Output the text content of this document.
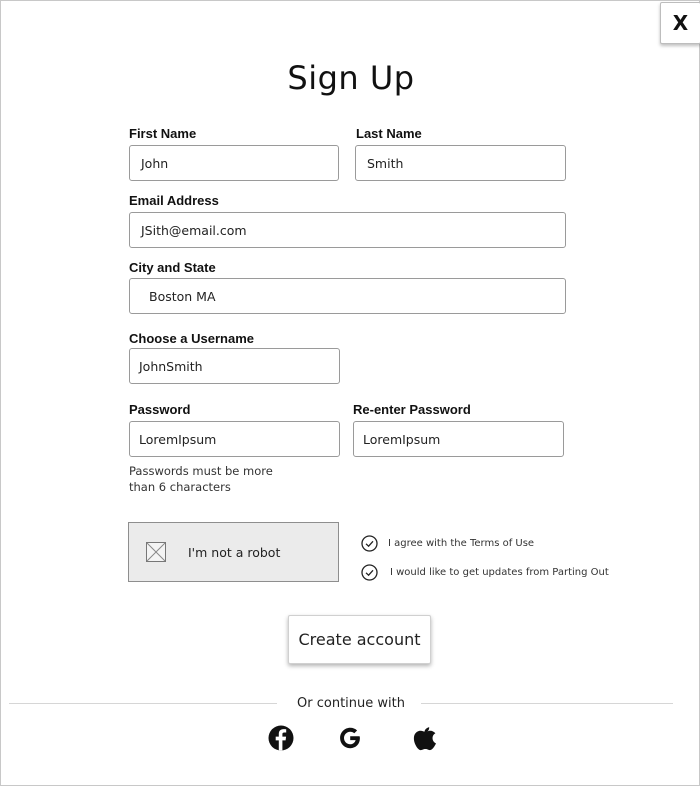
X
Sign Up
First Name
John
Last Name
Smith
Email Address
JSith@email.com
City and State
Boston MA
Choose a Username
JohnSmith
Password
LoremIpsum
Re-enter Password
LoremIpsum
Passwords must be more than 6 characters
I'm not a robot
I agree with the Terms of Use
I would like to get updates from Parting Out
Create account
Or continue with
